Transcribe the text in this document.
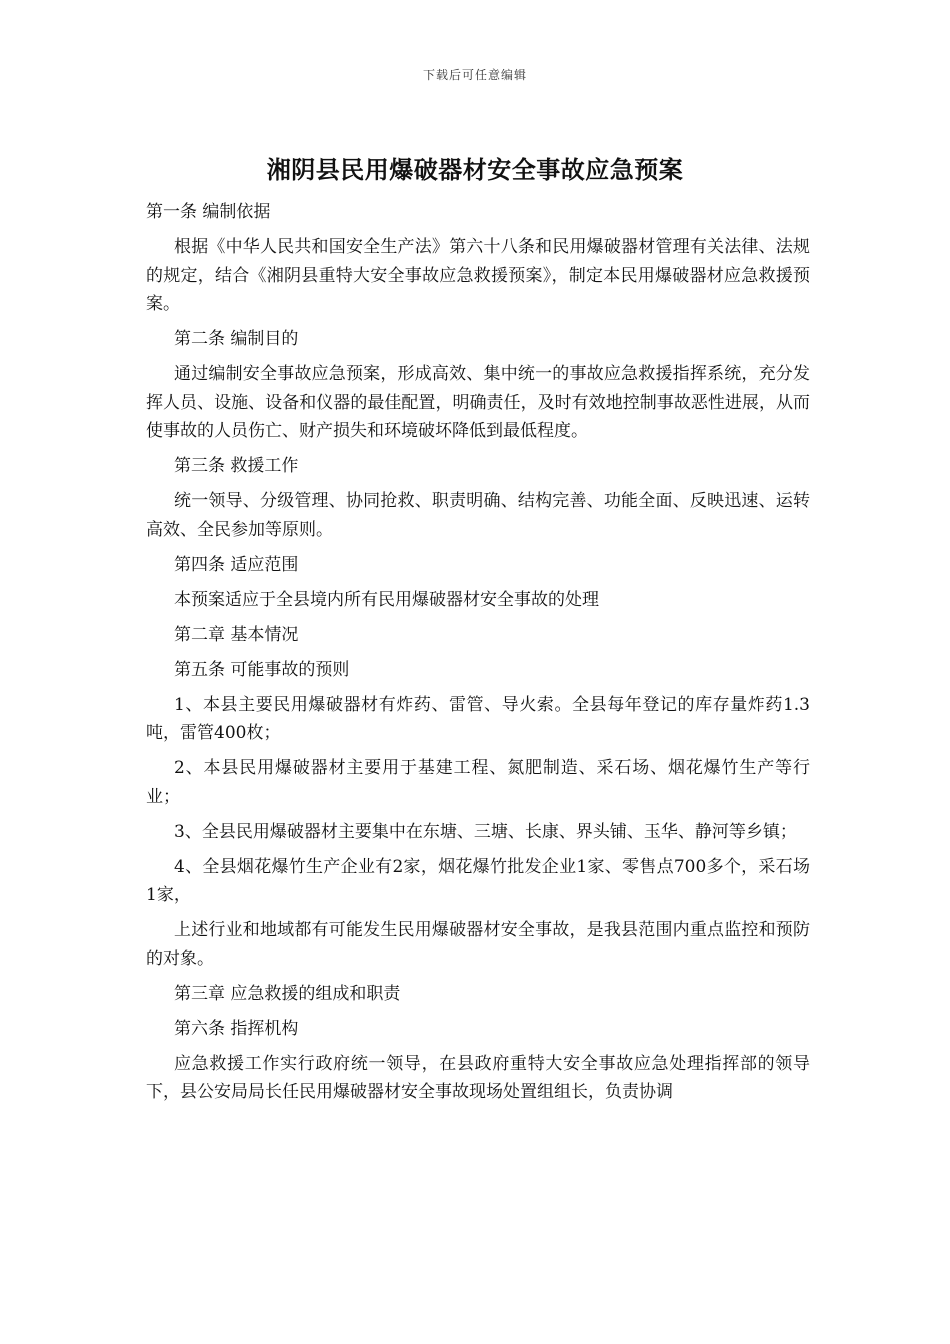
下载后可任意编辑
湘阴县民用爆破器材安全事故应急预案

第一条 编制依据

根据《中华人民共和国安全生产法》第六十八条和民用爆破器材管理有关法律、法规的规定，结合《湘阴县重特大安全事故应急救援预案》，制定本民用爆破器材应急救援预案。

第二条 编制目的

通过编制安全事故应急预案，形成高效、集中统一的事故应急救援指挥系统，充分发挥人员、设施、设备和仪器的最佳配置，明确责任，及时有效地控制事故恶性进展，从而使事故的人员伤亡、财产损失和环境破坏降低到最低程度。

第三条 救援工作

统一领导、分级管理、协同抢救、职责明确、结构完善、功能全面、反映迅速、运转高效、全民参加等原则。

第四条 适应范围

本预案适应于全县境内所有民用爆破器材安全事故的处理

第二章 基本情况

第五条 可能事故的预则

1、本县主要民用爆破器材有炸药、雷管、导火索。全县每年登记的库存量炸药1.3吨，雷管400枚；

2、本县民用爆破器材主要用于基建工程、氮肥制造、采石场、烟花爆竹生产等行业；

3、全县民用爆破器材主要集中在东塘、三塘、长康、界头铺、玉华、静河等乡镇；

4、全县烟花爆竹生产企业有2家，烟花爆竹批发企业1家、零售点700多个，采石场1家，

上述行业和地域都有可能发生民用爆破器材安全事故，是我县范围内重点监控和预防的对象。

第三章 应急救援的组成和职责

第六条 指挥机构

应急救援工作实行政府统一领导，在县政府重特大安全事故应急处理指挥部的领导下，县公安局局长任民用爆破器材安全事故现场处置组组长，负责协调
